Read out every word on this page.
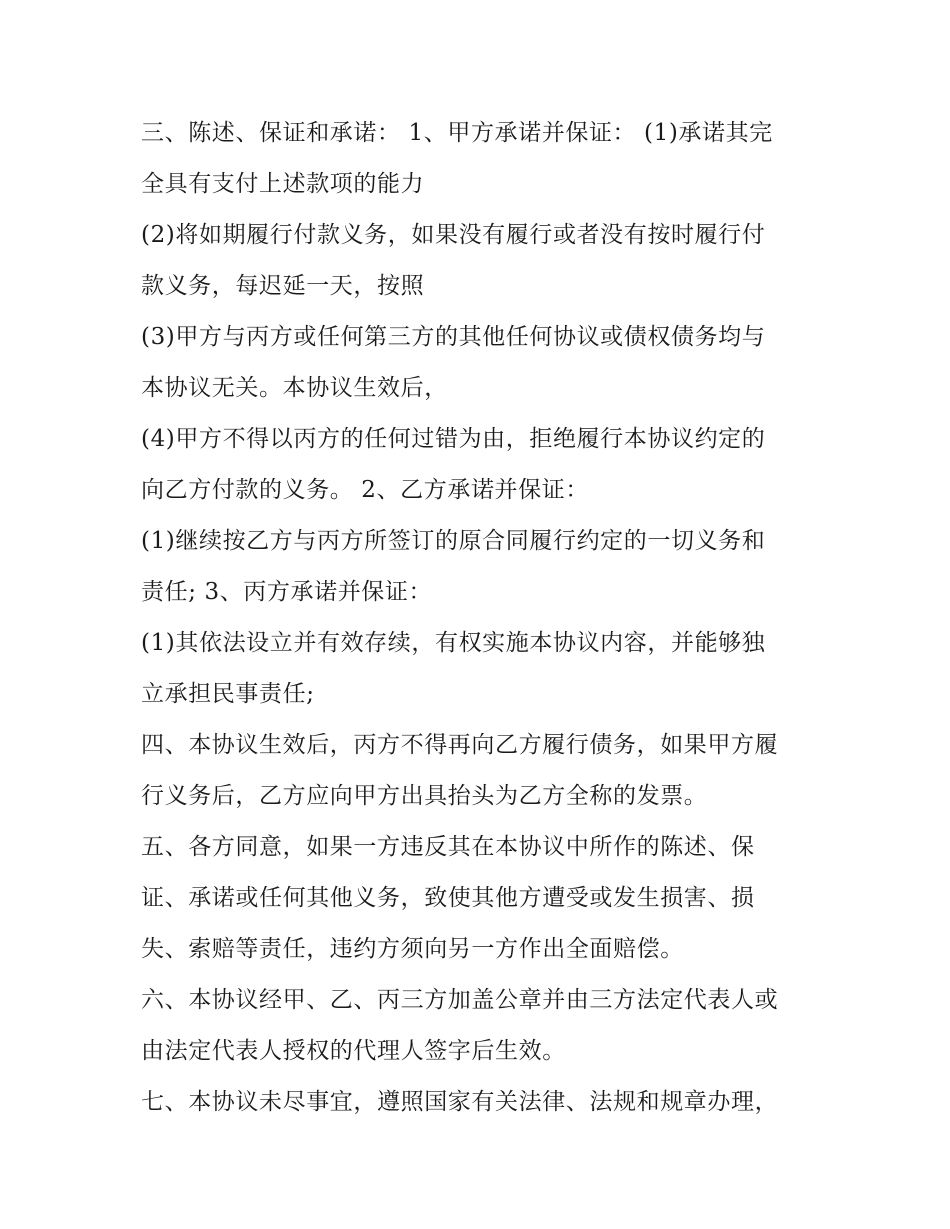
三、陈述、保证和承诺： 1、甲方承诺并保证： (1)承诺其完
全具有支付上述款项的能力
(2)将如期履行付款义务，如果没有履行或者没有按时履行付
款义务，每迟延一天，按照
(3)甲方与丙方或任何第三方的其他任何协议或债权债务均与
本协议无关。本协议生效后，
(4)甲方不得以丙方的任何过错为由，拒绝履行本协议约定的
向乙方付款的义务。 2、乙方承诺并保证：
(1)继续按乙方与丙方所签订的原合同履行约定的一切义务和
责任; 3、丙方承诺并保证：
(1)其依法设立并有效存续，有权实施本协议内容，并能够独
立承担民事责任;
四、本协议生效后，丙方不得再向乙方履行债务，如果甲方履
行义务后，乙方应向甲方出具抬头为乙方全称的发票。
五、各方同意，如果一方违反其在本协议中所作的陈述、保
证、承诺或任何其他义务，致使其他方遭受或发生损害、损
失、索赔等责任，违约方须向另一方作出全面赔偿。
六、本协议经甲、乙、丙三方加盖公章并由三方法定代表人或
由法定代表人授权的代理人签字后生效。
七、本协议未尽事宜，遵照国家有关法律、法规和规章办理，
